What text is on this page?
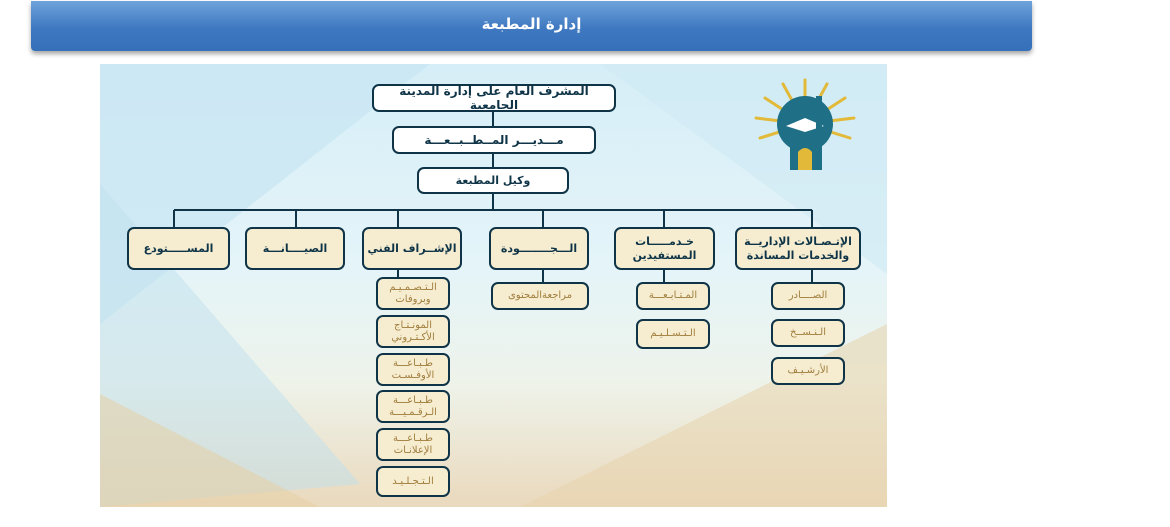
إدارة المطبعة
المشرف العام على إدارة المدينة الجامعية
مـــديـــر المــطــبــعـــة
وكيل المطبعة
الإتـصـالات الإداريــة والخدمات المساندة
خـدمـــــات المستفيدين
الـــجــــــــودة
الإشــراف الفني
الصيــــانـــة
المســـــتودع
الصــــادر
الـنـســخ
الأرشـيـف
المـتـابـعـــة
الـتـسـلـيـم
مراجعةالمحتوى
الـتـصـمـيـم وبروفات
المونـتـاج الأكـتـروني
طـبـاعـــة الأوفـسـت
طـبـاعـــة الـرقـمـيـــة
طـبـاعـــة الإعلانـات
الـتـجـلـيـد
